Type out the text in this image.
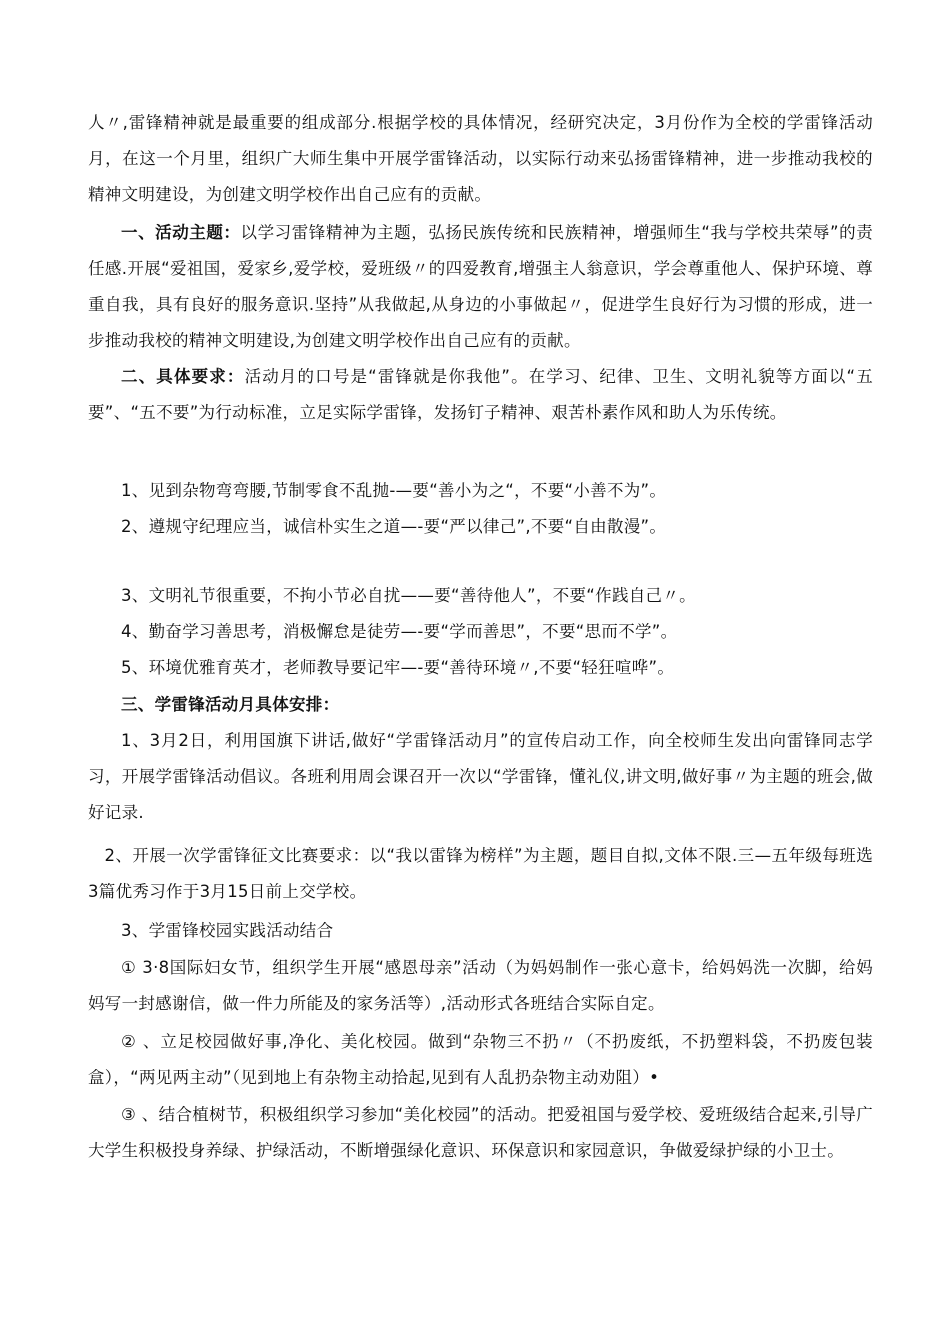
人〃,雷锋精神就是最重要的组成部分.根据学校的具体情况，经研究决定，3月份作为全校的学雷锋活动月，在这一个月里，组织广大师生集中开展学雷锋活动，以实际行动来弘扬雷锋精神，进一步推动我校的精神文明建设，为创建文明学校作出自己应有的贡献。

一、活动主题：以学习雷锋精神为主题，弘扬民族传统和民族精神，增强师生“我与学校共荣辱”的责任感.开展“爱祖国，爱家乡,爱学校，爱班级〃的四爱教育,增强主人翁意识，学会尊重他人、保护环境、尊重自我，具有良好的服务意识.坚持”从我做起,从身边的小事做起〃，促进学生良好行为习惯的形成，进一步推动我校的精神文明建设,为创建文明学校作出自己应有的贡献。

二、具体要求：活动月的口号是“雷锋就是你我他”。在学习、纪律、卫生、文明礼貌等方面以“五要”、“五不要”为行动标准，立足实际学雷锋，发扬钉子精神、艰苦朴素作风和助人为乐传统。

1、见到杂物弯弯腰,节制零食不乱抛-—要“善小为之“，不要“小善不为”。

2、遵规守纪理应当，诚信朴实生之道—-要“严以律己”,不要“自由散漫”。

3、文明礼节很重要，不拘小节必自扰——要“善待他人”，不要“作践自己〃。

4、勤奋学习善思考，消极懈怠是徒劳—-要“学而善思”，不要“思而不学”。

5、环境优雅育英才，老师教导要记牢—-要“善待环境〃,不要“轻狂喧哗”。

三、学雷锋活动月具体安排：

1、3月2日，利用国旗下讲话,做好“学雷锋活动月”的宣传启动工作，向全校师生发出向雷锋同志学习，开展学雷锋活动倡议。各班利用周会课召开一次以“学雷锋，懂礼仪,讲文明,做好事〃为主题的班会,做好记录.

2、开展一次学雷锋征文比赛要求：以“我以雷锋为榜样”为主题，题目自拟,文体不限.三—五年级每班选3篇优秀习作于3月15日前上交学校。

3、学雷锋校园实践活动结合

① 3·8国际妇女节，组织学生开展“感恩母亲”活动（为妈妈制作一张心意卡，给妈妈洗一次脚，给妈妈写一封感谢信，做一件力所能及的家务活等）,活动形式各班结合实际自定。

② 、立足校园做好事,净化、美化校园。做到“杂物三不扔〃（不扔废纸，不扔塑料袋，不扔废包装盒），“两见两主动”（见到地上有杂物主动拾起,见到有人乱扔杂物主动劝阻）•

③ 、结合植树节，积极组织学习参加“美化校园”的活动。把爱祖国与爱学校、爱班级结合起来,引导广大学生积极投身养绿、护绿活动，不断增强绿化意识、环保意识和家园意识，争做爱绿护绿的小卫士。
